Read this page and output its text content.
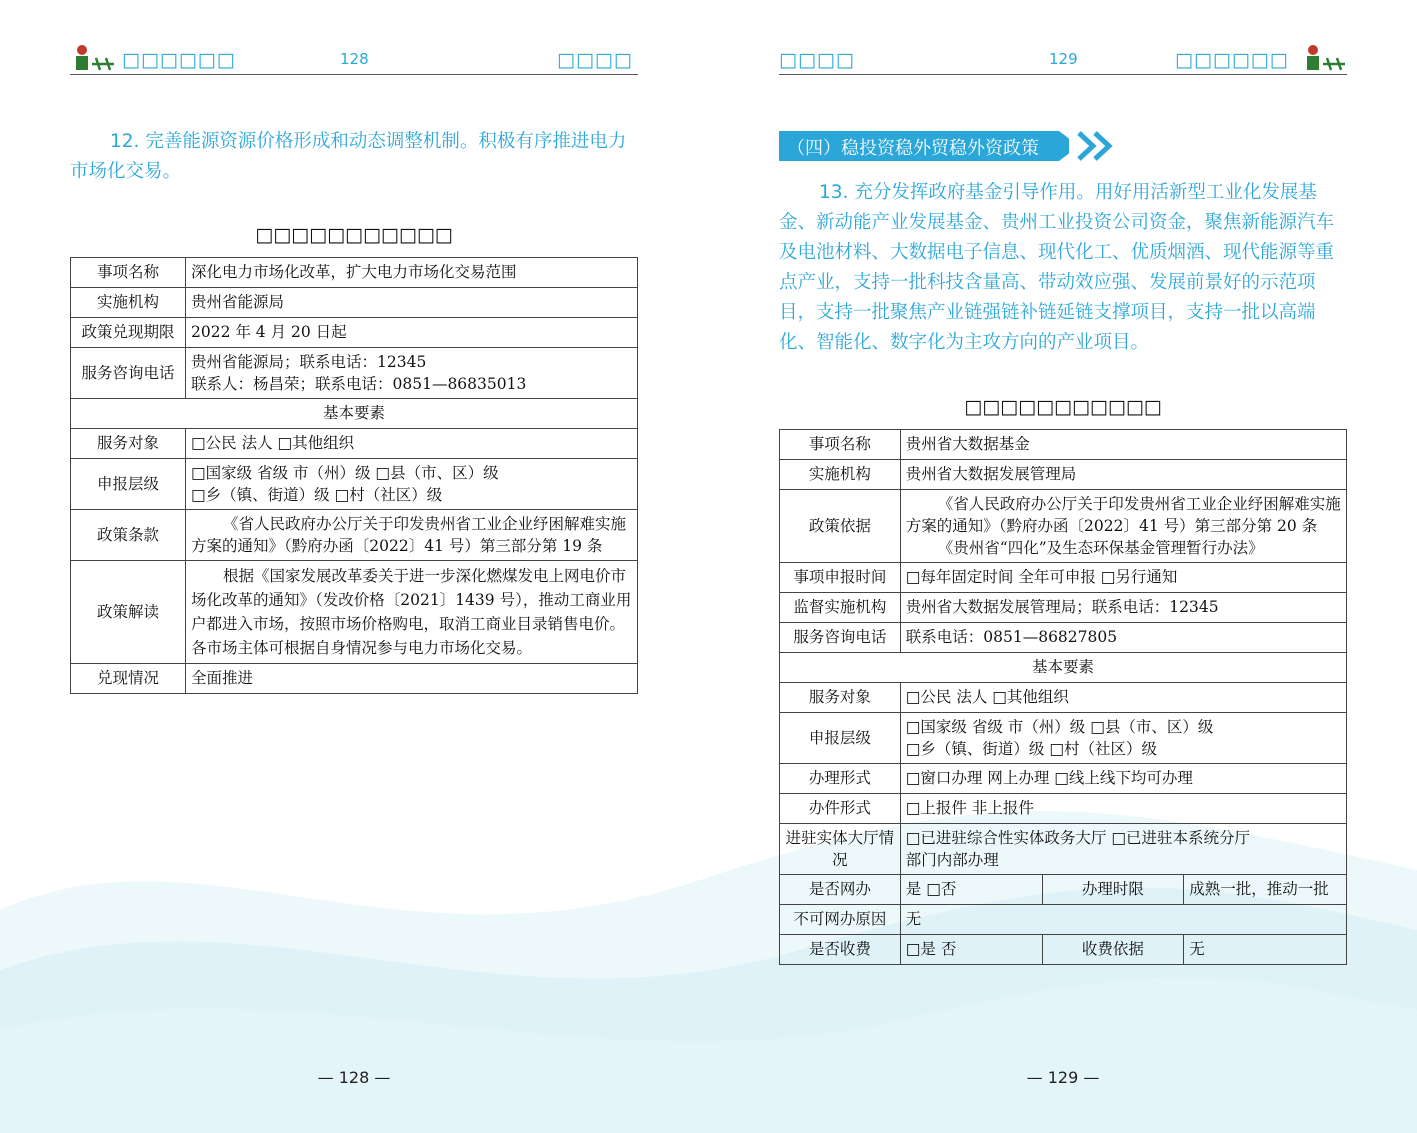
□□□□□□	128	□□□□
12. 完善能源资源价格形成和动态调整机制。积极有序推进电力市场化交易。
□□□□□□□□□□□
事项名称	深化电力市场化改革，扩大电力市场化交易范围
实施机构	贵州省能源局
政策兑现期限	2022 年 4 月 20 日起
服务咨询电话	贵州省能源局；联系电话：12345
联系人：杨昌荣；联系电话：0851—86835013

基本要素	
服务对象	□公民 法人 □其他组织
申报层级	□国家级 省级 市（州）级 □县（市、区）级
□乡（镇、街道）级 □村（社区）级

政策条款	《省人民政府办公厅关于印发贵州省工业企业纾困解难实施方案的通知》（黔府办函〔2022〕41 号）第三部分第 19 条

政策解读	根据《国家发展改革委关于进一步深化燃煤发电上网电价市场化改革的通知》（发改价格〔2021〕1439 号），推动工商业用户都进入市场，按照市场价格购电，取消工商业目录销售电价。各市场主体可根据自身情况参与电力市场化交易。

兑现情况	全面推进
— 128 —
□□□□	129	□□□□□□
（四）稳投资稳外贸稳外资政策
13. 充分发挥政府基金引导作用。用好用活新型工业化发展基金、新动能产业发展基金、贵州工业投资公司资金，聚焦新能源汽车及电池材料、大数据电子信息、现代化工、优质烟酒、现代能源等重点产业，支持一批科技含量高、带动效应强、发展前景好的示范项目，支持一批聚焦产业链强链补链延链支撑项目，支持一批以高端化、智能化、数字化为主攻方向的产业项目。
□□□□□□□□□□□
事项名称	贵州省大数据基金		
实施机构	贵州省大数据发展管理局		
政策依据	《省人民政府办公厅关于印发贵州省工业企业纾困解难实施方案的通知》（黔府办函〔2022〕41 号）第三部分第 20 条
《贵州省“四化”及生态环保基金管理暂行办法》		

事项申报时间	□每年固定时间 全年可申报 □另行通知		
监督实施机构	贵州省大数据发展管理局；联系电话：12345		
服务咨询电话	联系电话：0851—86827805		
基本要素			
服务对象	□公民 法人 □其他组织		
申报层级	□国家级 省级 市（州）级 □县（市、区）级
□乡（镇、街道）级 □村（社区）级		

办理形式	□窗口办理 网上办理 □线上线下均可办理		
办件形式	□上报件 非上报件		
进驻实体大厅情况	□已进驻综合性实体政务大厅 □已进驻本系统分厅
部门内部办理		

是否网办	是 □否	办理时限	成熟一批，推动一批
不可网办原因	无		
是否收费	□是 否	收费依据	无
— 129 —
